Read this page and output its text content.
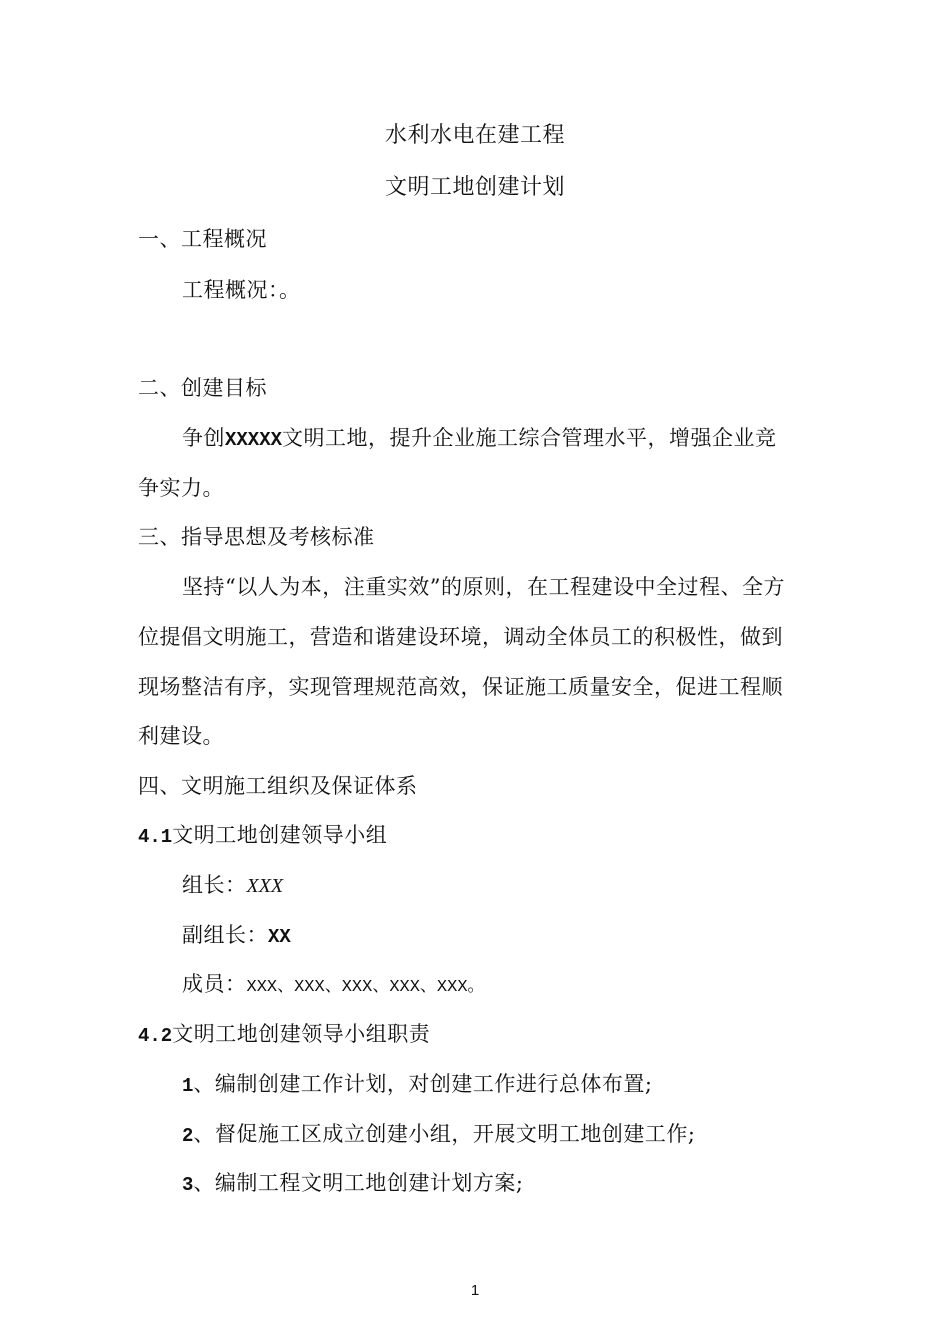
水利水电在建工程
文明工地创建计划
一、工程概况
工程概况：。
二、创建目标
争创XXXXX文明工地，提升企业施工综合管理水平，增强企业竞
争实力。
三、指导思想及考核标准
坚持“以人为本，注重实效”的原则，在工程建设中全过程、全方
位提倡文明施工，营造和谐建设环境，调动全体员工的积极性，做到
现场整洁有序，实现管理规范高效，保证施工质量安全，促进工程顺
利建设。
四、文明施工组织及保证体系
4.1文明工地创建领导小组
组长：XXX
副组长：XX
成员：XXX、XXX、XXX、XXX、XXX。
4.2文明工地创建领导小组职责
1、编制创建工作计划，对创建工作进行总体布置;
2、督促施工区成立创建小组，开展文明工地创建工作;
3、编制工程文明工地创建计划方案;
1
